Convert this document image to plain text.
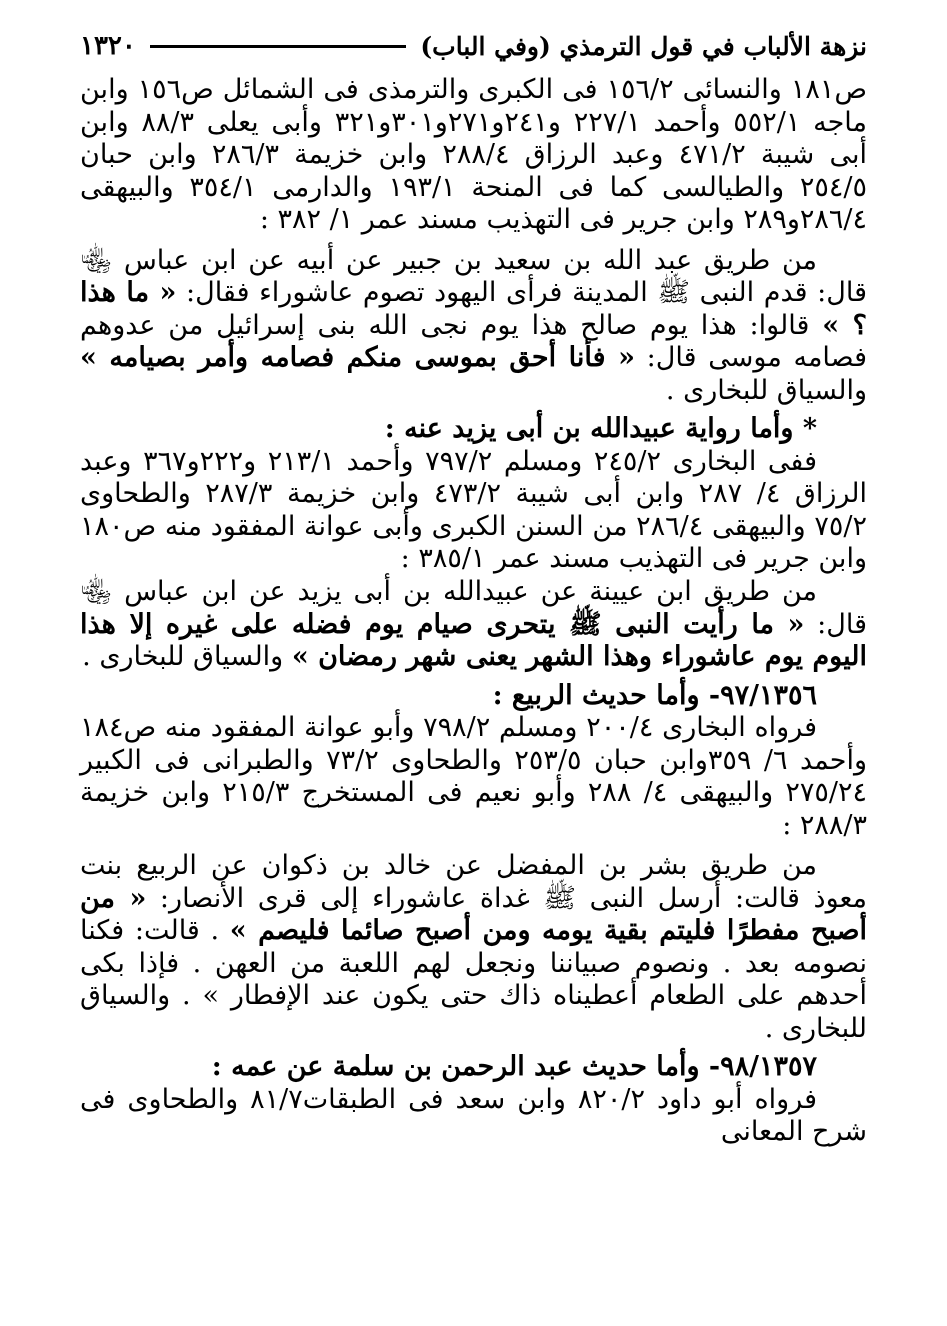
١٣٢٠	نزهة الألباب في قول الترمذي (وفي الباب)

ص١٨١ والنسائى ١٥٦/٢ فى الكبرى والترمذى فى الشمائل ص١٥٦ وابن ماجه ٥٥٢/١ وأحمد ٢٢٧/١ و٢٤١و٢٧١و٣٠١و٣٢١ وأبى يعلى ٨٨/٣ وابن أبى شيبة ٤٧١/٢ وعبد الرزاق ٢٨٨/٤ وابن خزيمة ٢٨٦/٣ وابن حبان ٢٥٤/٥ والطيالسى كما فى المنحة ١٩٣/١ والدارمى ٣٥٤/١ والبيهقى ٢٨٦/٤و٢٨٩ وابن جرير فى التهذيب مسند عمر ١/ ٣٨٢ :

من طريق عبد الله بن سعيد بن جبير عن أبيه عن ابن عباس ﵄ قال: قدم النبى ﷺ المدينة فرأى اليهود تصوم عاشوراء فقال: « ما هذا ؟ » قالوا: هذا يوم صالح هذا يوم نجى الله بنى إسرائيل من عدوهم فصامه موسى قال: « فأنا أحق بموسى منكم فصامه وأمر بصيامه » والسياق للبخارى .

* وأما رواية عبيدالله بن أبى يزيد عنه :

ففى البخارى ٢٤٥/٢ ومسلم ٧٩٧/٢ وأحمد ٢١٣/١ و٢٢٢و٣٦٧ وعبد الرزاق ٤/ ٢٨٧ وابن أبى شيبة ٤٧٣/٢ وابن خزيمة ٢٨٧/٣ والطحاوى ٧٥/٢ والبيهقى ٢٨٦/٤ من السنن الكبرى وأبى عوانة المفقود منه ص١٨٠ وابن جرير فى التهذيب مسند عمر ٣٨٥/١ :

من طريق ابن عيينة عن عبيدالله بن أبى يزيد عن ابن عباس ﵄ قال: « ما رأيت النبى ﷺ يتحرى صيام يوم فضله على غيره إلا هذا اليوم يوم عاشوراء وهذا الشهر يعنى شهر رمضان » والسياق للبخارى .

٩٧/١٣٥٦- وأما حديث الربيع :

فرواه البخارى ٢٠٠/٤ ومسلم ٧٩٨/٢ وأبو عوانة المفقود منه ص١٨٤ وأحمد ٦/ ٣٥٩وابن حبان ٢٥٣/٥ والطحاوى ٧٣/٢ والطبرانى فى الكبير ٢٧٥/٢٤ والبيهقى ٤/ ٢٨٨ وأبو نعيم فى المستخرج ٢١٥/٣ وابن خزيمة ٢٨٨/٣ :

من طريق بشر بن المفضل عن خالد بن ذكوان عن الربيع بنت معوذ قالت: أرسل النبى ﷺ غداة عاشوراء إلى قرى الأنصار: « من أصبح مفطرًا فليتم بقية يومه ومن أصبح صائما فليصم » . قالت: فكنا نصومه بعد . ونصوم صبياننا ونجعل لهم اللعبة من العهن . فإذا بكى أحدهم على الطعام أعطيناه ذاك حتى يكون عند الإفطار » . والسياق للبخارى .

٩٨/١٣٥٧- وأما حديث عبد الرحمن بن سلمة عن عمه :

فرواه أبو داود ٨٢٠/٢ وابن سعد فى الطبقات٨١/٧ والطحاوى فى شرح المعانى
